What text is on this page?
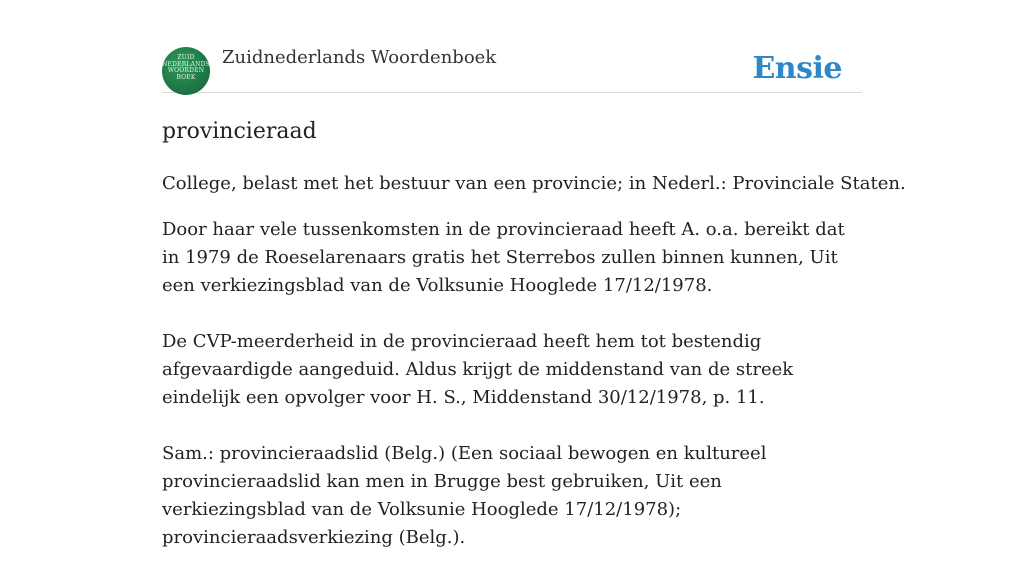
ZUID
NEDERLANDS
WOORDEN
BOEK
Zuidnederlands Woordenboek	Ensie
provincieraad

College, belast met het bestuur van een provincie; in Nederl.: Provinciale Staten.

Door haar vele tussenkomsten in de provincieraad heeft A. o.a. bereikt dat in 1979 de Roeselarenaars gratis het Sterrebos zullen binnen kunnen, Uit een verkiezingsblad van de Volksunie Hooglede 17/12/1978.

De CVP-meerderheid in de provincieraad heeft hem tot bestendig afgevaardigde aangeduid. Aldus krijgt de middenstand van de streek eindelijk een opvolger voor H. S., Middenstand 30/12/1978, p. 11.

Sam.: provincieraadslid (Belg.) (Een sociaal bewogen en kultureel provincieraadslid kan men in Brugge best gebruiken, Uit een verkiezingsblad van de Volksunie Hooglede 17/12/1978); provincieraadsverkiezing (Belg.).
